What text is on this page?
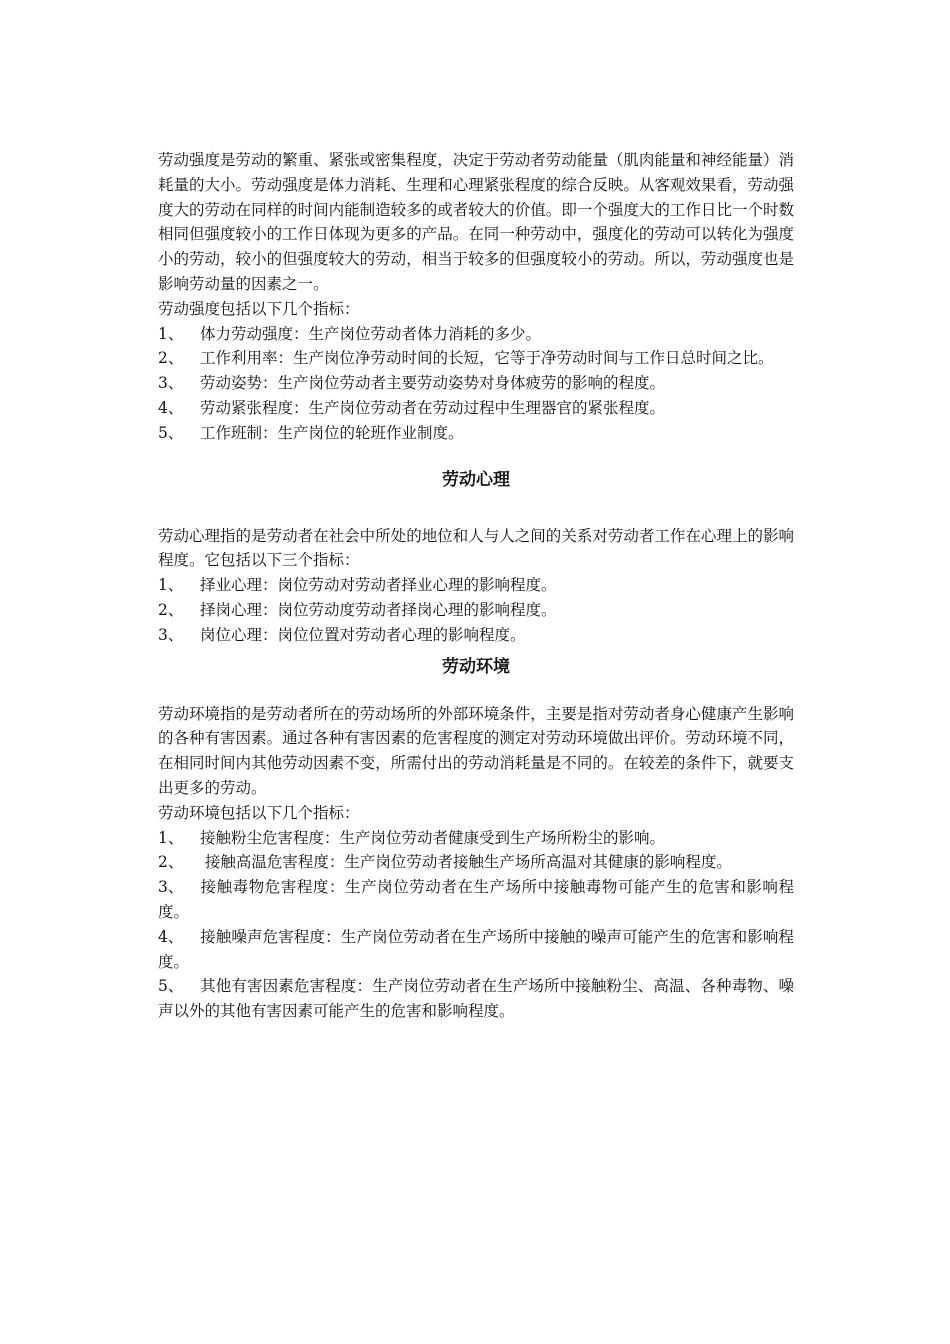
劳动强度是劳动的繁重、紧张或密集程度，决定于劳动者劳动能量（肌肉能量和神经能量）消耗量的大小。劳动强度是体力消耗、生理和心理紧张程度的综合反映。从客观效果看，劳动强度大的劳动在同样的时间内能制造较多的或者较大的价值。即一个强度大的工作日比一个时数相同但强度较小的工作日体现为更多的产品。在同一种劳动中，强度化的劳动可以转化为强度小的劳动，较小的但强度较大的劳动，相当于较多的但强度较小的劳动。所以，劳动强度也是影响劳动量的因素之一。

劳动强度包括以下几个指标：

1、	体力劳动强度：生产岗位劳动者体力消耗的多少。
2、 工作利用率：生产岗位净劳动时间的长短，它等于净劳动时间与工作日总时间之比。
3、	劳动姿势：生产岗位劳动者主要劳动姿势对身体疲劳的影响的程度。
4、	劳动紧张程度：生产岗位劳动者在劳动过程中生理器官的紧张程度。
5、	工作班制：生产岗位的轮班作业制度。
劳动心理

劳动心理指的是劳动者在社会中所处的地位和人与人之间的关系对劳动者工作在心理上的影响程度。它包括以下三个指标：

1、	择业心理：岗位劳动对劳动者择业心理的影响程度。
2、	择岗心理：岗位劳动度劳动者择岗心理的影响程度。
3、	岗位心理：岗位位置对劳动者心理的影响程度。
劳动环境

劳动环境指的是劳动者所在的劳动场所的外部环境条件，主要是指对劳动者身心健康产生影响的各种有害因素。通过各种有害因素的危害程度的测定对劳动环境做出评价。劳动环境不同，在相同时间内其他劳动因素不变，所需付出的劳动消耗量是不同的。在较差的条件下，就要支出更多的劳动。

劳动环境包括以下几个指标：

1、	接触粉尘危害程度：生产岗位劳动者健康受到生产场所粉尘的影响。
2、 接触高温危害程度：生产岗位劳动者接触生产场所高温对其健康的影响程度。
3、 接触毒物危害程度：生产岗位劳动者在生产场所中接触毒物可能产生的危害和影响程度。
4、 接触噪声危害程度：生产岗位劳动者在生产场所中接触的噪声可能产生的危害和影响程度。
5、 其他有害因素危害程度：生产岗位劳动者在生产场所中接触粉尘、高温、各种毒物、噪声以外的其他有害因素可能产生的危害和影响程度。
